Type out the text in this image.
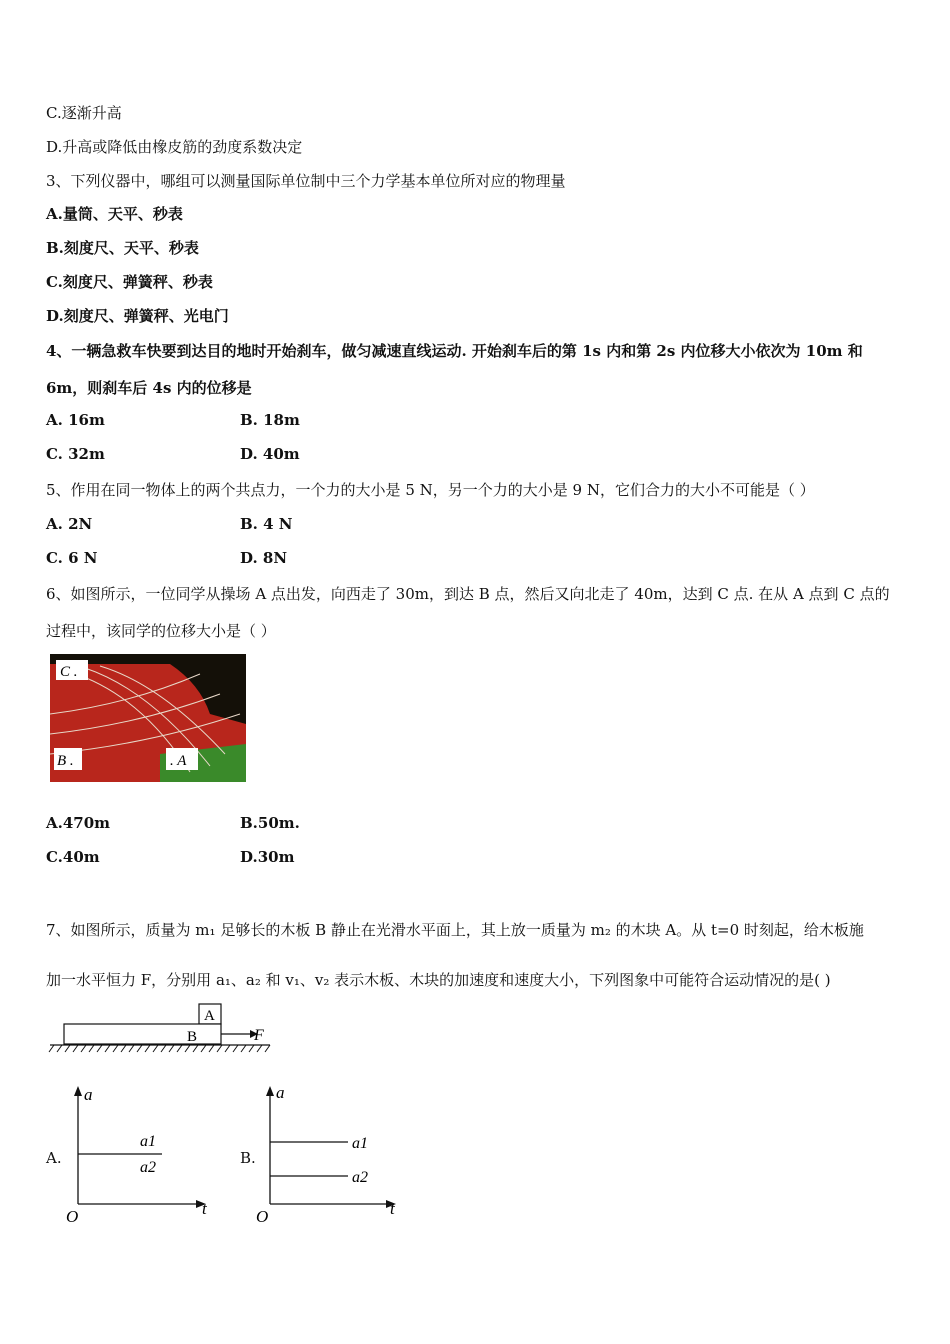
C.逐渐升高
D.升高或降低由橡皮筋的劲度系数决定
3、下列仪器中，哪组可以测量国际单位制中三个力学基本单位所对应的物理量
A.量筒、天平、秒表
B.刻度尺、天平、秒表
C.刻度尺、弹簧秤、秒表
D.刻度尺、弹簧秤、光电门
4、一辆急救车快要到达目的地时开始刹车，做匀减速直线运动. 开始刹车后的第 1s 内和第 2s 内位移大小依次为 10m 和
6m，则刹车后 4s 内的位移是
A. 16m	B. 18m
C. 32m	D. 40m
5、作用在同一物体上的两个共点力，一个力的大小是 5 N，另一个力的大小是 9 N，它们合力的大小不可能是（ ）
A. 2N	B. 4 N
C. 6 N	D. 8N
6、如图所示，一位同学从操场 A 点出发，向西走了 30m，到达 B 点，然后又向北走了 40m，达到 C 点. 在从 A 点到 C 点的
过程中，该同学的位移大小是（ ）
C .
B .	. A
A.470m	B.50m.
C.40m	D.30m
7、如图所示，质量为 m₁ 足够长的木板 B 静止在光滑水平面上，其上放一质量为 m₂ 的木块 A。从 t=0 时刻起，给木板施
加一水平恒力 F，分别用 a₁、a₂ 和 v₁、v₂ 表示木板、木块的加速度和速度大小，下列图象中可能符合运动情况的是( )
A
B	F
A.
a
t
O
a1
a2
B.
a
t
O
a1
a2
